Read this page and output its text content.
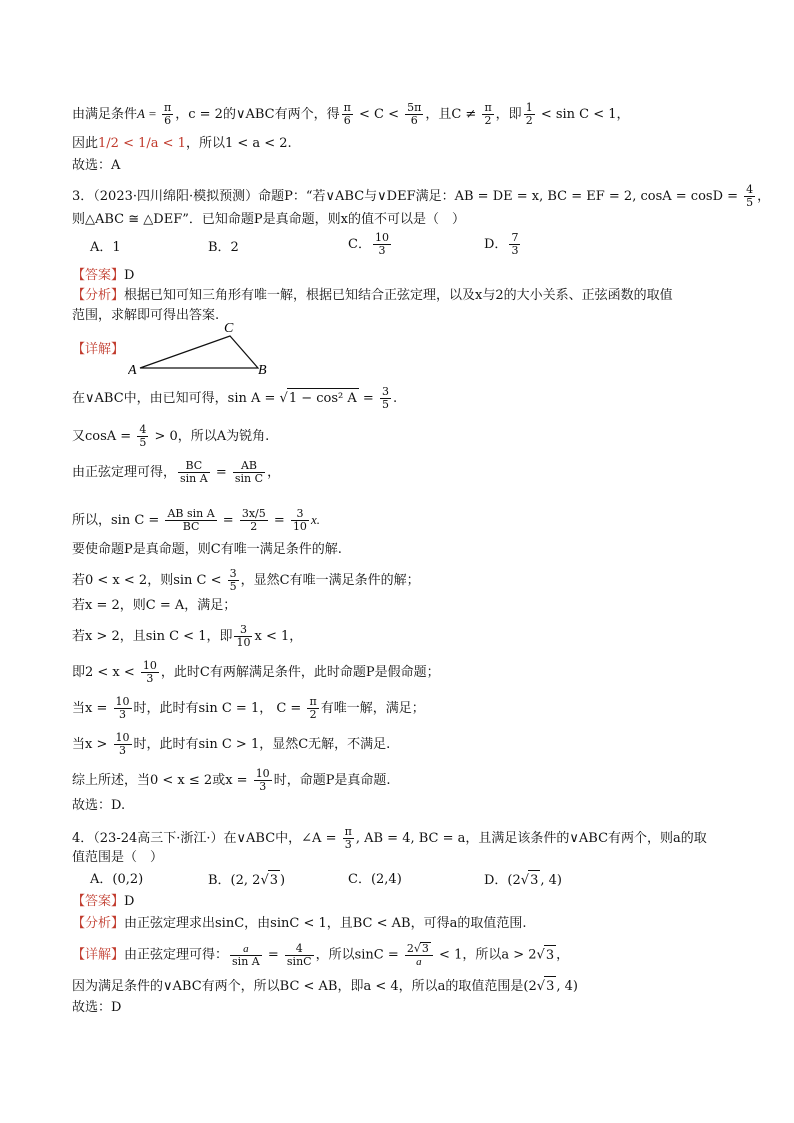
由满足条件$A = \frac{\pi}{6}$ ，c = 2的∨ABC有两个，得 $\frac{\pi}{6} < C < \frac{5\pi}{6}$ ，且$C \ne \frac{\pi}{2}$ ，即 $\frac{1}{2} < \sin C < 1$，
因此1/2 < 1/a < 1，所以1 < a < 2.
故选：A
3．（2023·四川绵阳·模拟预测）命题P：“若∨ABC与∨DEF满足：AB = DE = x, BC = EF = 2, $\cos A = \cos D = \frac{4}{5}$ ，
则△ABC ≅ △DEF”．已知命题P是真命题，则x的值不可以是（　）
A．1	B．2	C． $\frac{10}{3}$	D． $\frac{7}{3}$
【答案】D
【分析】根据已知可知三角形有唯一解，根据已知结合正弦定理，以及x与2的大小关系、正弦函数的取值
范围，求解即可得出答案.
【详解】
A	B
C
在∨ABC中，由已知可得，sin A = √1 − cos² $A = \frac{3}{5}$ .
又$\cos A = \frac{4}{5} > 0$，所以A为锐角.
由正弦定理可得， $\frac{BC}{\text{sin A}} = \frac{AB}{\text{sin C}}$ ，
所以，$\sin C = \frac{\text{AB sin A}}{BC} = \frac{3x/5}{2} = \frac{3}{10} x$.
要使命题P是真命题，则C有唯一满足条件的解.
若0 < x < 2，则$\sin C < \frac{3}{5}$ ，显然C有唯一满足条件的解；
若x = 2，则C = A，满足；
若x > 2，且sin C < 1，即 $\frac{3}{10}$ x < 1，
即$2 < x < \frac{10}{3}$ ，此时C有两解满足条件，此时命题P是假命题；
当$x = \frac{10}{3}$ 时，此时有sin C = 1， $C = \frac{\pi}{2}$ 有唯一解，满足；
当$x > \frac{10}{3}$ 时，此时有sin C > 1，显然C无解，不满足.
综上所述，当0 < x ≤ 2或$x = \frac{10}{3}$ 时，命题P是真命题.
故选：D.
4．（23-24高三下·浙江·）在∨ABC中，∠A = $\frac{\pi}{3}$ , AB = 4, BC = a，且满足该条件的∨ABC有两个，则a的取
值范围是（　）
A．(0,2)	B．(2, 2√3 )	C．(2,4)	D．(2√3 , 4)
【答案】D
【分析】由正弦定理求出sinC，由sinC < 1，且BC < AB，可得a的取值范围.
【详解】由正弦定理可得： $\frac{a}{\text{sin A}} = \frac{4}{\sin C}$ ，所以$\sin C = \frac{2√3}{a} < 1$，所以a > 2√3 ，
因为满足条件的∨ABC有两个，所以BC < AB，即a < 4，所以a的取值范围是(2√3 , 4)
故选：D
